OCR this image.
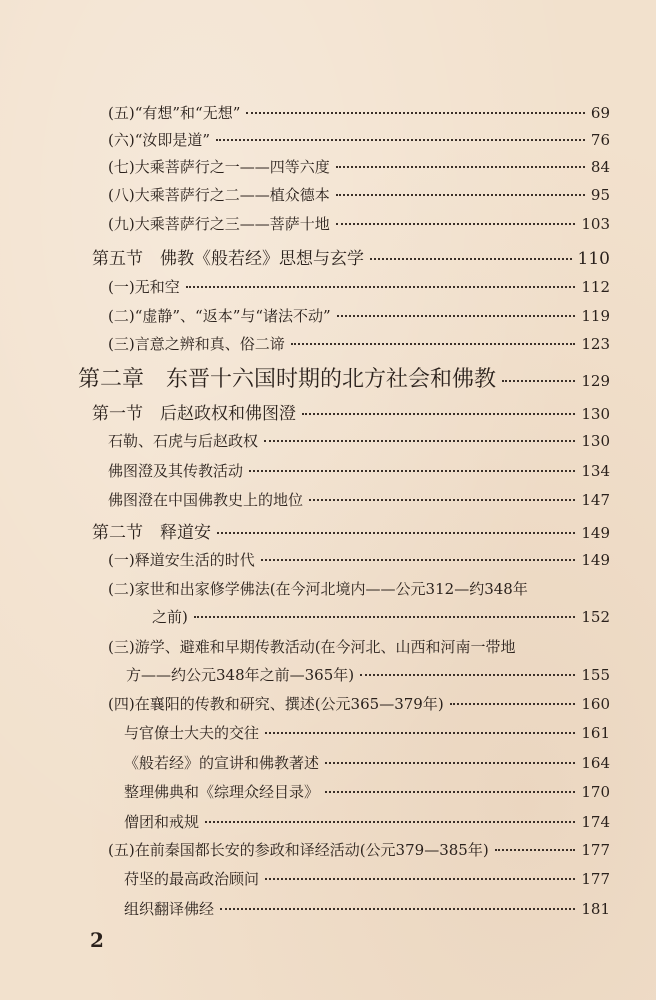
(五)“有想”和“无想”	69
(六)“汝即是道”	76
(七)大乘菩萨行之一——四等六度	84
(八)大乘菩萨行之二——植众德本	95
(九)大乘菩萨行之三——菩萨十地	103
第五节　佛教《般若经》思想与玄学	110
(一)无和空	112
(二)“虚静”、“返本”与“诸法不动”	119
(三)言意之辨和真、俗二谛	123
第二章　东晋十六国时期的北方社会和佛教	129
第一节　后赵政权和佛图澄	130
石勒、石虎与后赵政权	130
佛图澄及其传教活动	134
佛图澄在中国佛教史上的地位	147
第二节　释道安	149
(一)释道安生活的时代	149
(二)家世和出家修学佛法(在今河北境内——公元312—约348年
之前)	152
(三)游学、避难和早期传教活动(在今河北、山西和河南一带地
方——约公元348年之前—365年)	155
(四)在襄阳的传教和研究、撰述(公元365—379年)	160
与官僚士大夫的交往	161
《般若经》的宣讲和佛教著述	164
整理佛典和《综理众经目录》	170
僧团和戒规	174
(五)在前秦国都长安的参政和译经活动(公元379—385年)	177
苻坚的最高政治顾问	177
组织翻译佛经	181
2
